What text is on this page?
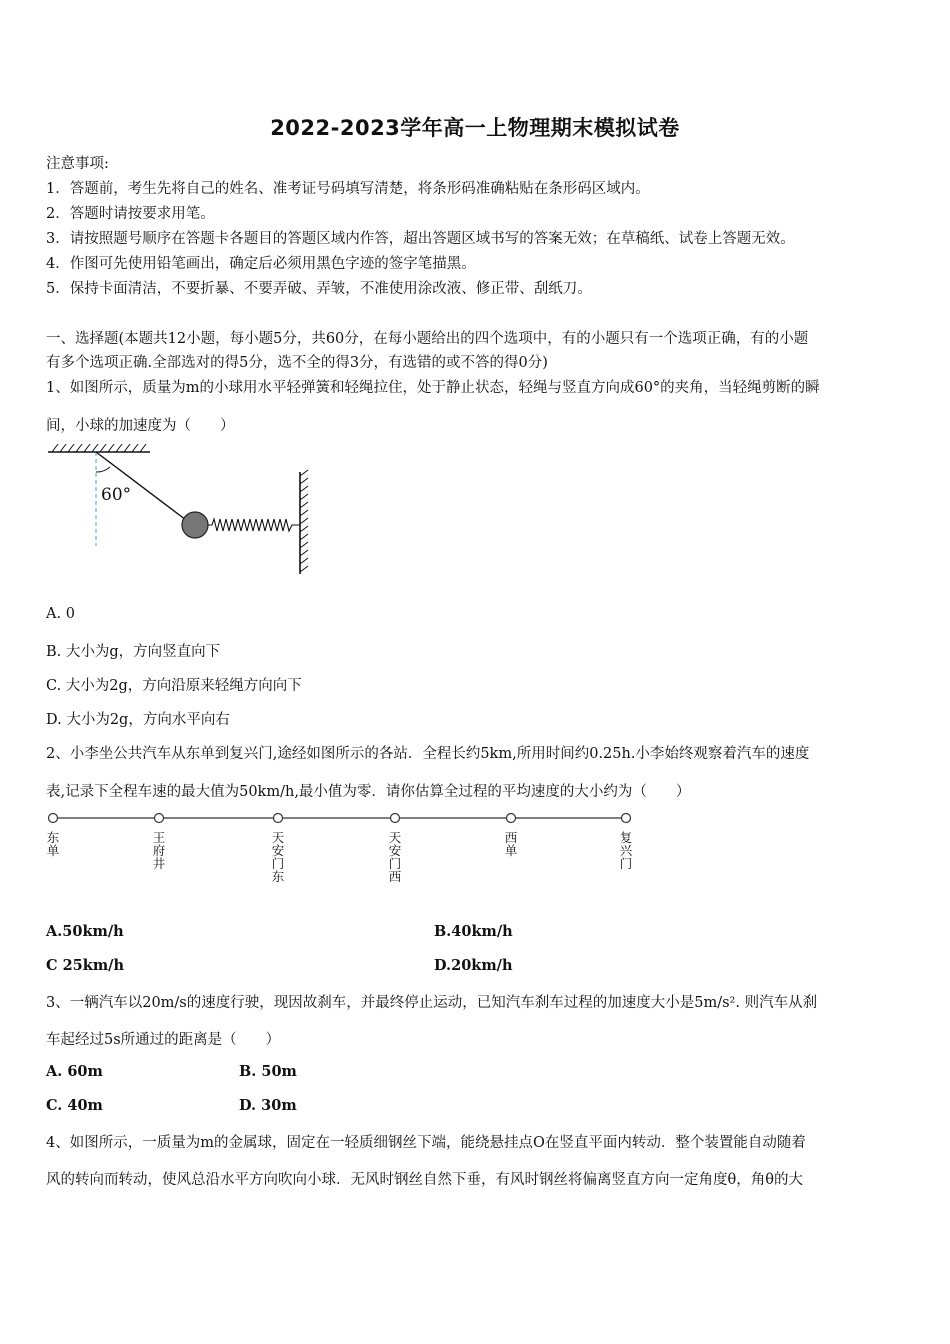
2022-2023学年高一上物理期末模拟试卷
注意事项:
1．答题前，考生先将自己的姓名、准考证号码填写清楚，将条形码准确粘贴在条形码区域内。
2．答题时请按要求用笔。
3．请按照题号顺序在答题卡各题目的答题区域内作答，超出答题区域书写的答案无效；在草稿纸、试卷上答题无效。
4．作图可先使用铅笔画出，确定后必须用黑色字迹的签字笔描黑。
5．保持卡面清洁，不要折暴、不要弄破、弄皱，不准使用涂改液、修正带、刮纸刀。
一、选择题(本题共12小题，每小题5分，共60分，在每小题给出的四个选项中，有的小题只有一个选项正确，有的小题
有多个选项正确.全部选对的得5分，选不全的得3分，有选错的或不答的得0分)
1、如图所示，质量为m的小球用水平轻弹簧和轻绳拉住，处于静止状态，轻绳与竖直方向成60°的夹角，当轻绳剪断的瞬
间，小球的加速度为（　　）
60°
A. 0
B. 大小为g，方向竖直向下
C. 大小为2g，方向沿原来轻绳方向向下
D. 大小为2g，方向水平向右
2、小李坐公共汽车从东单到复兴门,途经如图所示的各站．全程长约5km,所用时间约0.25h.小李始终观察着汽车的速度
表,记录下全程车速的最大值为50km/h,最小值为零．请你估算全过程的平均速度的大小约为（　　）
东单
王府井
天安门东
天安门西
西单
复兴门
A.50km/h	B.40km/h
C 25km/h	D.20km/h
3、一辆汽车以20m/s的速度行驶，现因故刹车，并最终停止运动，已知汽车刹车过程的加速度大小是5m/s². 则汽车从刹
车起经过5s所通过的距离是（　　）
A. 60m	B. 50m
C. 40m	D. 30m
4、如图所示，一质量为m的金属球，固定在一轻质细钢丝下端，能绕悬挂点O在竖直平面内转动．整个装置能自动随着
风的转向而转动，使风总沿水平方向吹向小球．无风时钢丝自然下垂，有风时钢丝将偏离竖直方向一定角度θ，角θ的大
